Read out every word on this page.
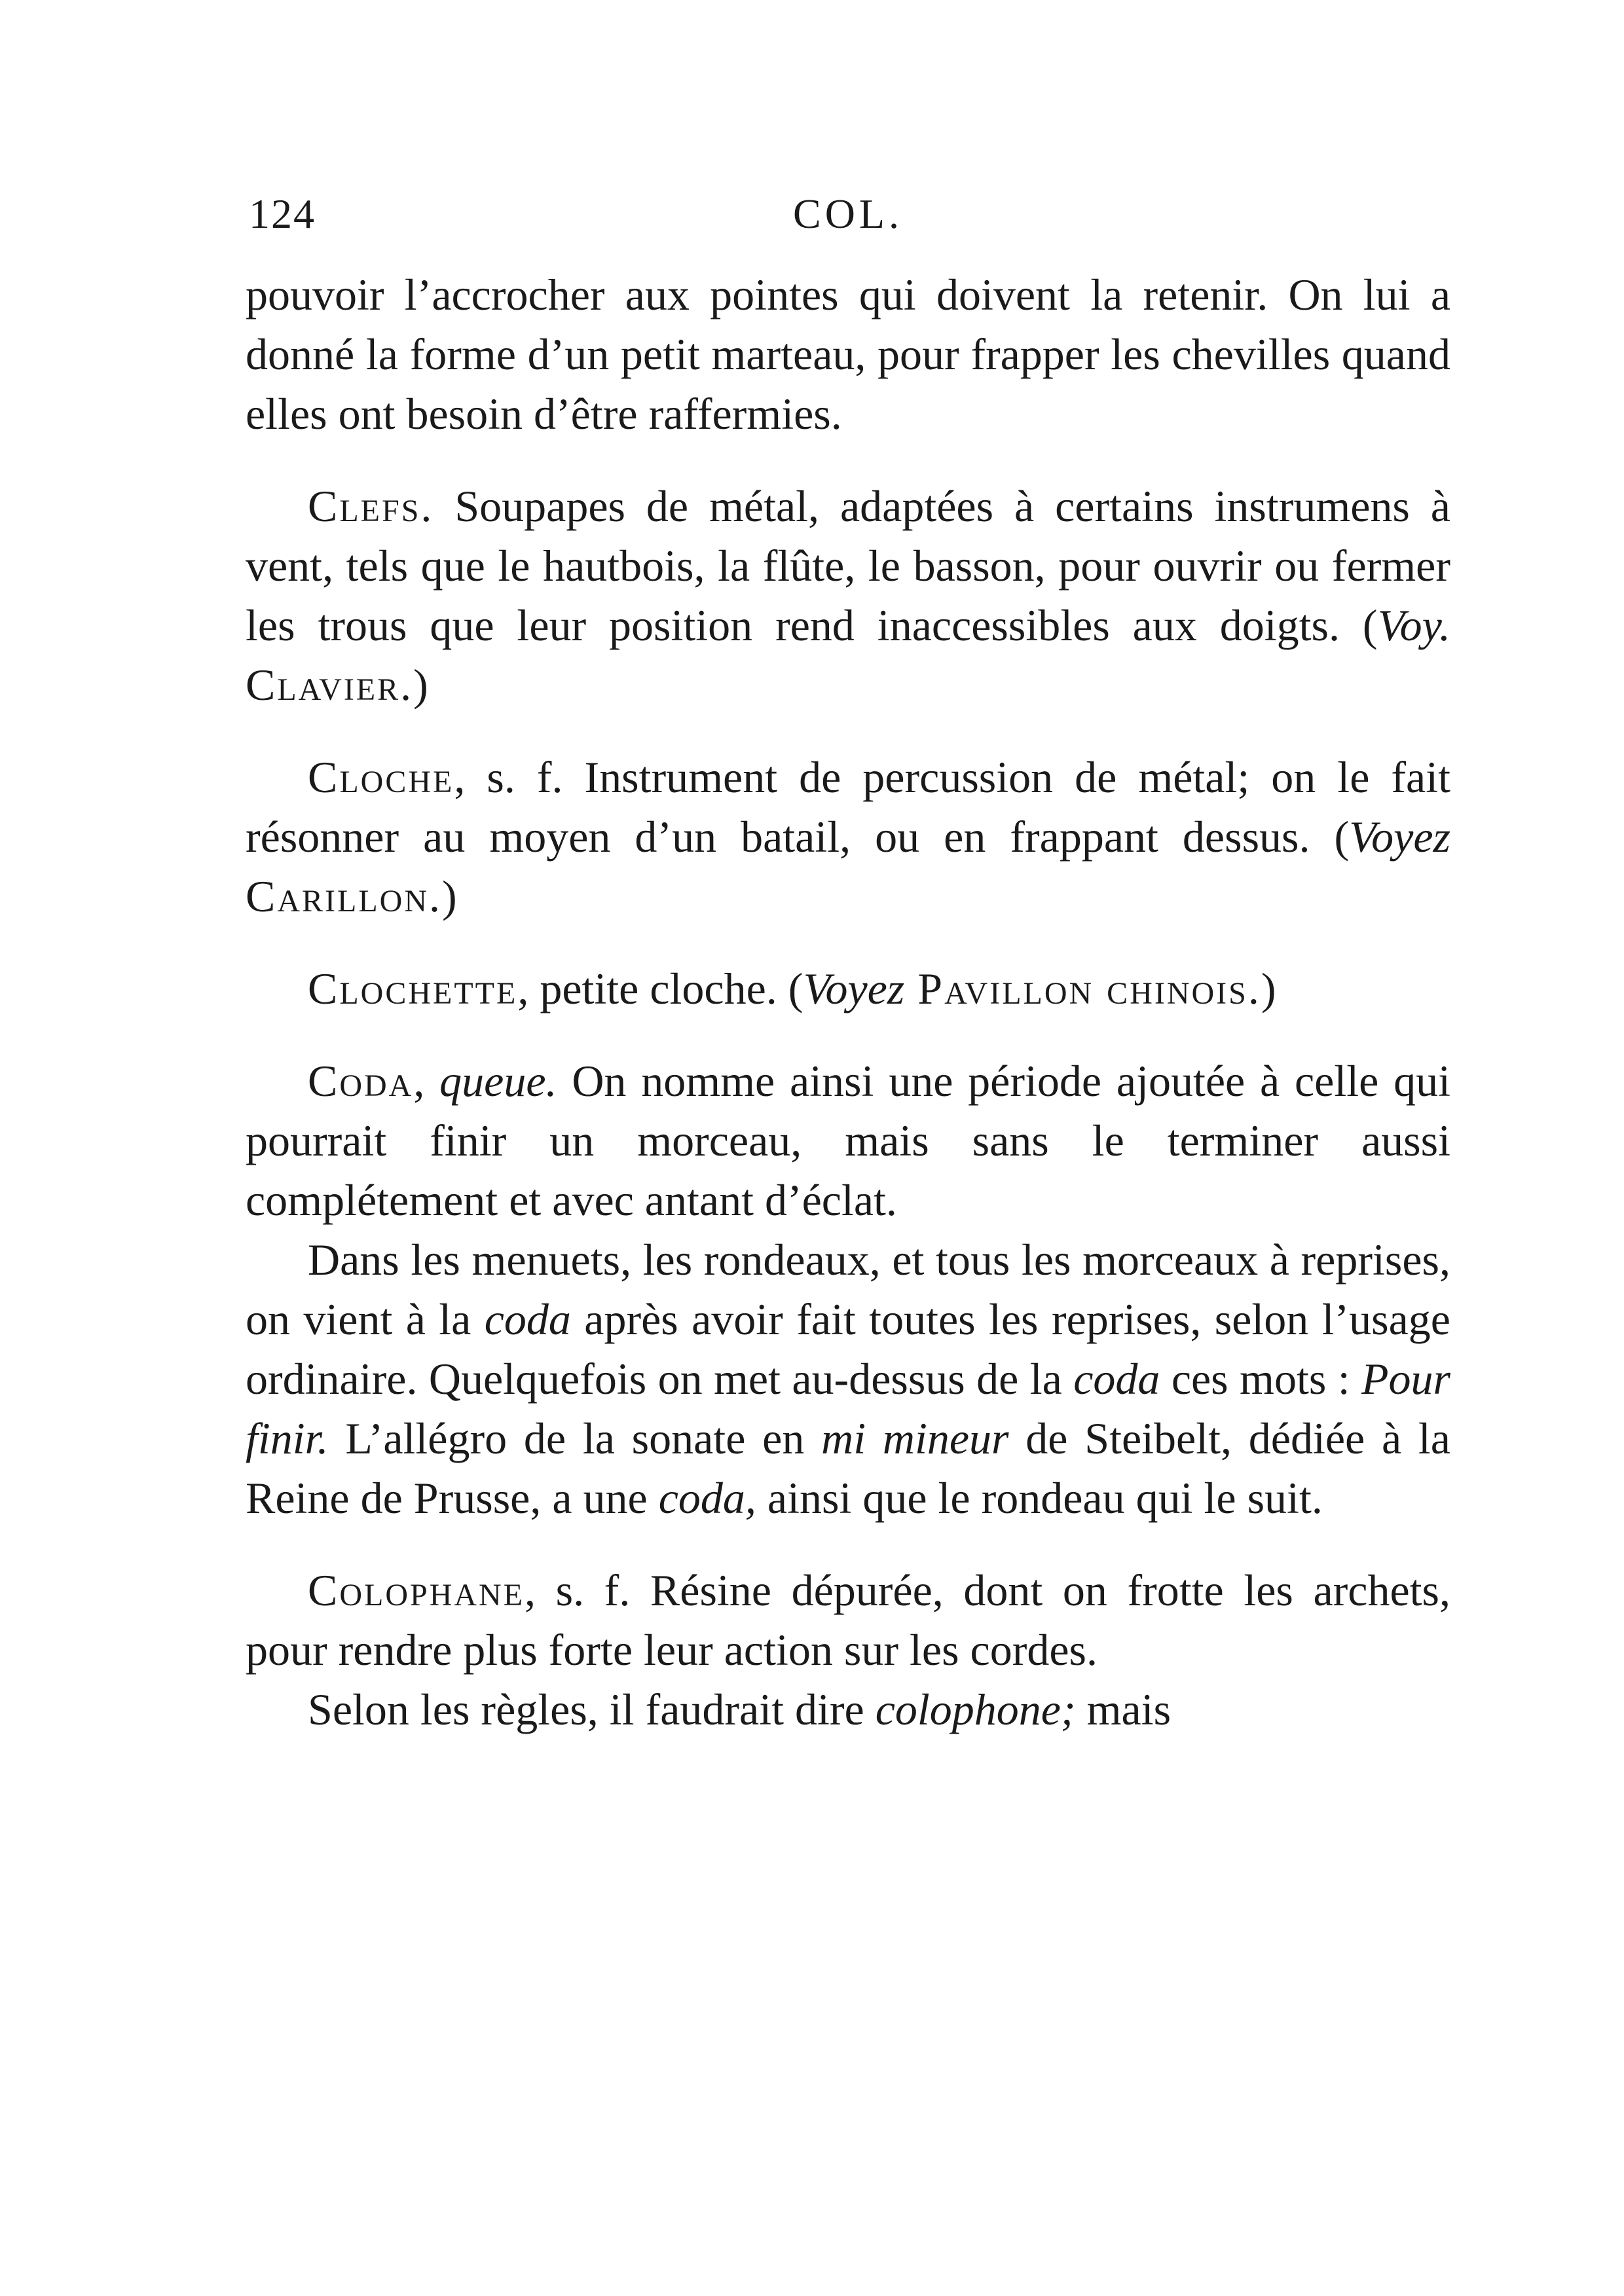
124	COL.

pouvoir l’accrocher aux pointes qui doivent la retenir. On lui a donné la forme d’un petit marteau, pour frapper les chevilles quand elles ont besoin d’être raffermies.

Clefs. Soupapes de métal, adaptées à certains instrumens à vent, tels que le hautbois, la flûte, le basson, pour ouvrir ou fermer les trous que leur position rend inaccessibles aux doigts. (Voy. Clavier.)

Cloche, s. f. Instrument de percussion de métal; on le fait résonner au moyen d’un batail, ou en frappant dessus. (Voyez Carillon.)

Clochette, petite cloche. (Voyez Pavillon chinois.)

Coda, queue. On nomme ainsi une période ajoutée à celle qui pourrait finir un morceau, mais sans le terminer aussi complétement et avec antant d’éclat.

Dans les menuets, les rondeaux, et tous les morceaux à reprises, on vient à la coda après avoir fait toutes les reprises, selon l’usage ordinaire. Quelquefois on met au-dessus de la coda ces mots : Pour finir. L’allégro de la sonate en mi mineur de Steibelt, dédiée à la Reine de Prusse, a une coda, ainsi que le rondeau qui le suit.

Colophane, s. f. Résine dépurée, dont on frotte les archets, pour rendre plus forte leur action sur les cordes.

Selon les règles, il faudrait dire colophone; mais
